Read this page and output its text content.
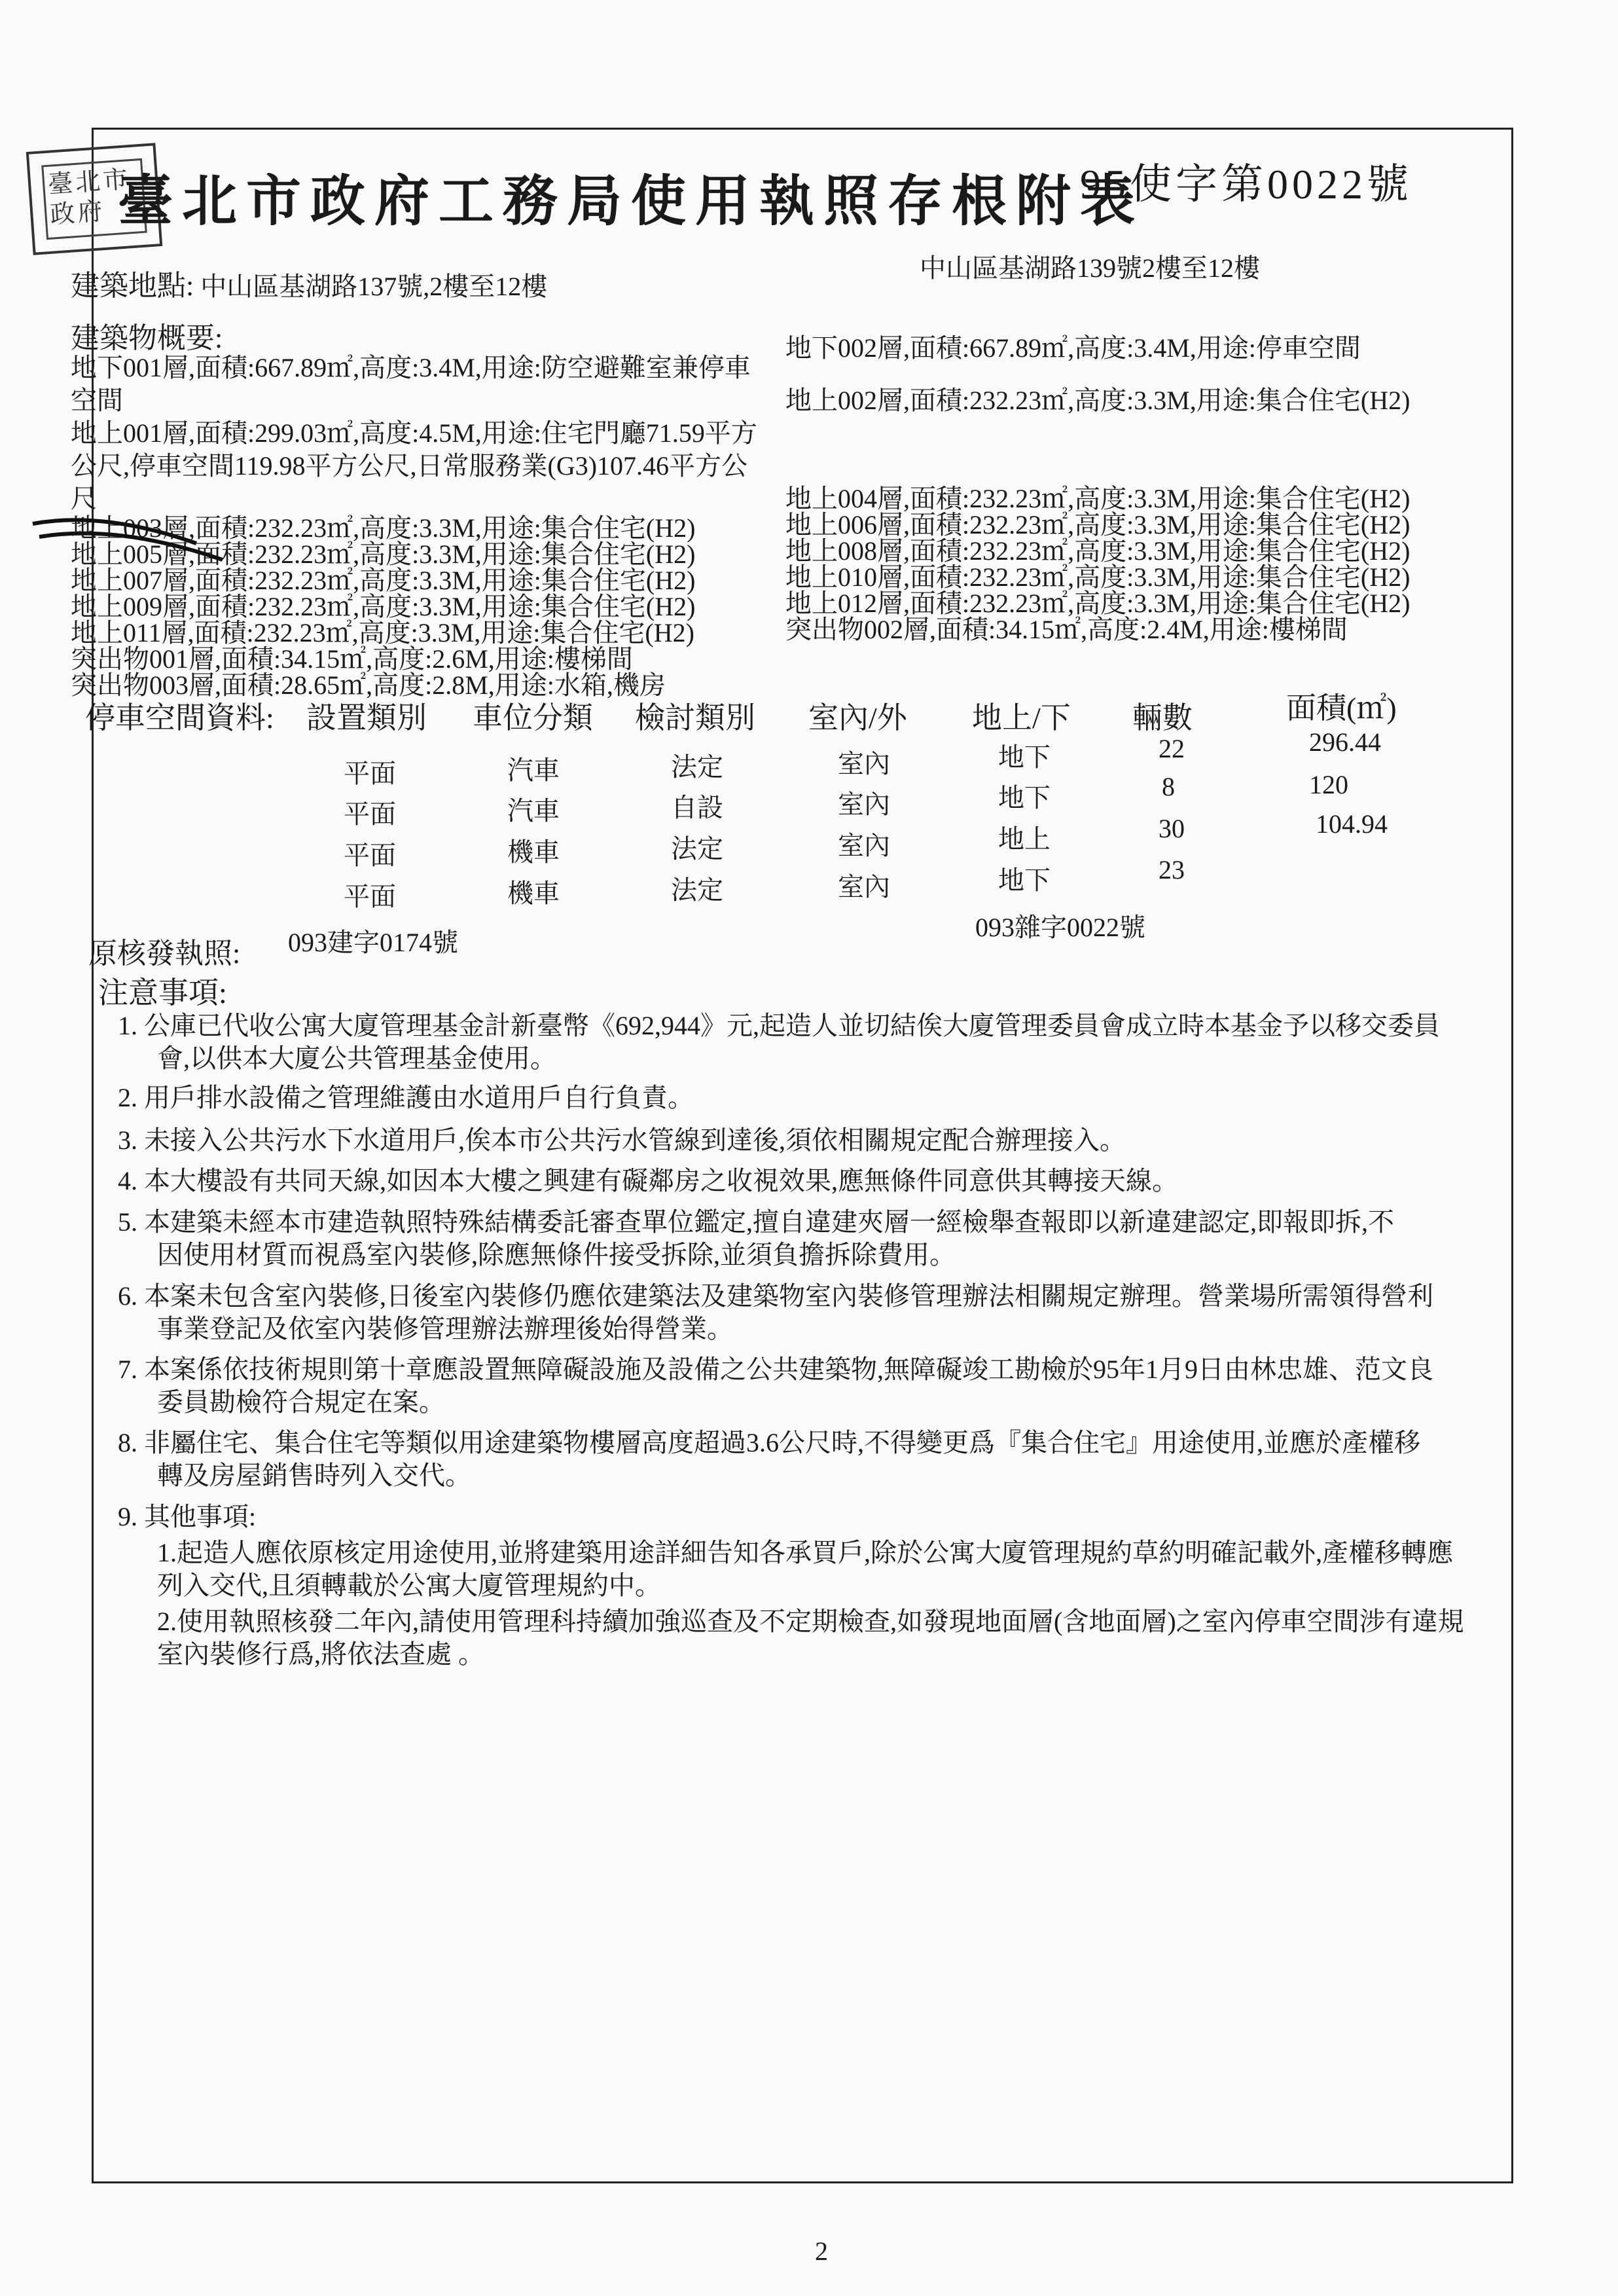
臺北市政府 臺北市政府工務局使用執照存根附表
95使字第0022號
建築地點: 中山區基湖路137號,2樓至12樓
中山區基湖路139號2樓至12樓
建築物概要:
地下001層,面積:667.89㎡,高度:3.4M,用途:防空避難室兼停車
空間
地上001層,面積:299.03㎡,高度:4.5M,用途:住宅門廳71.59平方
公尺,停車空間119.98平方公尺,日常服務業(G3)107.46平方公
尺
地上003層,面積:232.23㎡,高度:3.3M,用途:集合住宅(H2)
地上005層,面積:232.23㎡,高度:3.3M,用途:集合住宅(H2)
地上007層,面積:232.23㎡,高度:3.3M,用途:集合住宅(H2)
地上009層,面積:232.23㎡,高度:3.3M,用途:集合住宅(H2)
地上011層,面積:232.23㎡,高度:3.3M,用途:集合住宅(H2)
突出物001層,面積:34.15㎡,高度:2.6M,用途:樓梯間
突出物003層,面積:28.65㎡,高度:2.8M,用途:水箱,機房
地下002層,面積:667.89㎡,高度:3.4M,用途:停車空間
地上002層,面積:232.23㎡,高度:3.3M,用途:集合住宅(H2)
地上004層,面積:232.23㎡,高度:3.3M,用途:集合住宅(H2)
地上006層,面積:232.23㎡,高度:3.3M,用途:集合住宅(H2)
地上008層,面積:232.23㎡,高度:3.3M,用途:集合住宅(H2)
地上010層,面積:232.23㎡,高度:3.3M,用途:集合住宅(H2)
地上012層,面積:232.23㎡,高度:3.3M,用途:集合住宅(H2)
突出物002層,面積:34.15㎡,高度:2.4M,用途:樓梯間
停車空間資料: 設置類別 車位分類 檢討類別 室內/外 地上/下 輛數	面積(㎡)
平面	汽車	法定	室內	地下	22	296.44
平面	汽車	自設	室內	地下	8	120
平面	機車	法定	室內	地上	30	104.94
平面	機車	法定	室內	地下	23
原核發執照: 093建字0174號
093雜字0022號
注意事項:
1. 公庫已代收公寓大廈管理基金計新臺幣《692,944》元,起造人並切結俟大廈管理委員會成立時本基金予以移交委員
會,以供本大廈公共管理基金使用。
2. 用戶排水設備之管理維護由水道用戶自行負責。
3. 未接入公共污水下水道用戶,俟本市公共污水管線到達後,須依相關規定配合辦理接入。
4. 本大樓設有共同天線,如因本大樓之興建有礙鄰房之收視效果,應無條件同意供其轉接天線。
5. 本建築未經本市建造執照特殊結構委託審查單位鑑定,擅自違建夾層一經檢舉查報即以新違建認定,即報即拆,不
因使用材質而視爲室內裝修,除應無條件接受拆除,並須負擔拆除費用。
6. 本案未包含室內裝修,日後室內裝修仍應依建築法及建築物室內裝修管理辦法相關規定辦理。營業場所需領得營利
事業登記及依室內裝修管理辦法辦理後始得營業。
7. 本案係依技術規則第十章應設置無障礙設施及設備之公共建築物,無障礙竣工勘檢於95年1月9日由林忠雄、范文良
委員勘檢符合規定在案。
8. 非屬住宅、集合住宅等類似用途建築物樓層高度超過3.6公尺時,不得變更爲『集合住宅』用途使用,並應於產權移
轉及房屋銷售時列入交代。
9. 其他事項:
1.起造人應依原核定用途使用,並將建築用途詳細告知各承買戶,除於公寓大廈管理規約草約明確記載外,產權移轉應
列入交代,且須轉載於公寓大廈管理規約中。
2.使用執照核發二年內,請使用管理科持續加強巡查及不定期檢查,如發現地面層(含地面層)之室內停車空間涉有違規
室內裝修行爲,將依法查處 。
2
